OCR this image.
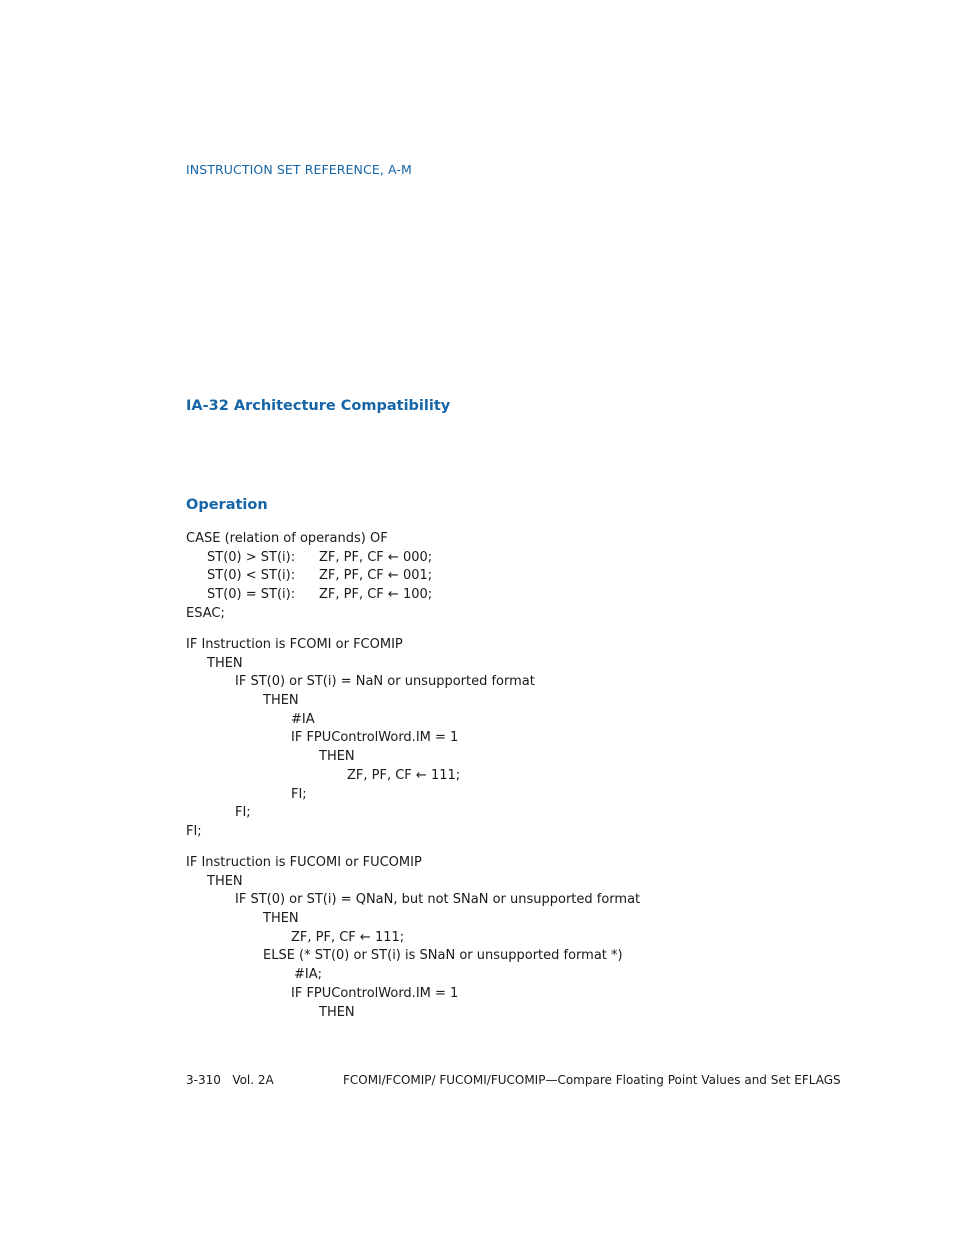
INSTRUCTION SET REFERENCE, A-M
IA-32 Architecture Compatibility
Operation
CASE (relation of operands) OF
ST(0) > ST(i): ZF, PF, CF ← 000;
ST(0) < ST(i): ZF, PF, CF ← 001;
ST(0) = ST(i): ZF, PF, CF ← 100;
ESAC;
IF Instruction is FCOMI or FCOMIP
THEN
IF ST(0) or ST(i) = NaN or unsupported format
THEN
#IA
IF FPUControlWord.IM = 1
THEN
ZF, PF, CF ← 111;
FI;
FI;
FI;
IF Instruction is FUCOMI or FUCOMIP
THEN
IF ST(0) or ST(i) = QNaN, but not SNaN or unsupported format
THEN
ZF, PF, CF ← 111;
ELSE (* ST(0) or ST(i) is SNaN or unsupported format *)
#IA;
IF FPUControlWord.IM = 1
THEN
3-310   Vol. 2A	FCOMI/FCOMIP/ FUCOMI/FUCOMIP—Compare Floating Point Values and Set EFLAGS
